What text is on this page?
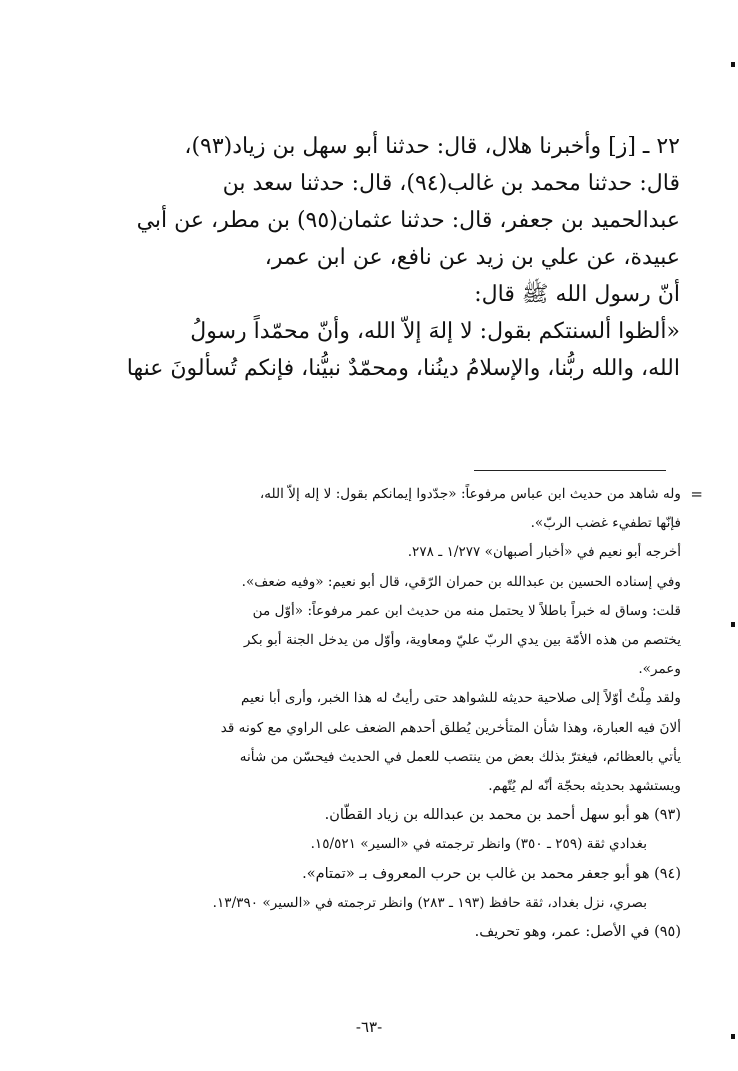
٢٢ ـ [ز] وأخبرنا هلال، قال: حدثنا أبو سهل بن زياد(٩٣)،

قال: حدثنا محمد بن غالب(٩٤)، قال: حدثنا سعد بن

عبدالحميد بن جعفر، قال: حدثنا عثمان(٩٥) بن مطر، عن أبي

عبيدة، عن علي بن زيد عن نافع، عن ابن عمر،

أنّ رسول الله ﷺ قال:

«ألظوا ألسنتكم بقول: لا إلهَ إلاّ الله، وأنّ محمّداً رسولُ

الله، والله ربُّنا، والإسلامُ دينُنا، ومحمّدٌ نبيُّنا، فإنكم تُسألونَ عنها

=

وله شاهد من حديث ابن عباس مرفوعاً: «جدّدوا إيمانكم بقول: لا إله إلاّ الله،

فإنّها تطفيء غضب الربّ».

أخرجه أبو نعيم في «أخبار أصبهان» ١/٢٧٧ ـ ٢٧٨.

وفي إسناده الحسين بن عبدالله بن حمران الرّقي، قال أبو نعيم: «وفيه ضعف».

قلت: وساق له خبراً باطلاً لا يحتمل منه من حديث ابن عمر مرفوعاً: «أوّل من

يختصم من هذه الأمّة بين يدي الربّ عليّ ومعاوية، وأوّل من يدخل الجنة أبو بكر

وعمر».

ولقد مِلْتُ أوّلاً إلى صلاحية حديثه للشواهد حتى رأيتُ له هذا الخبر، وأرى أبا نعيم

ألانَ فيه العبارة، وهذا شأن المتأخرين يُطلق أحدهم الضعف على الراوي مع كونه قد

يأتي بالعظائم، فيغترّ بذلك بعض من ينتصب للعمل في الحديث فيحسّن من شأنه

ويستشهد بحديثه بحجّة أنّه لم يُتّهم.

(٩٣) هو أبو سهل أحمد بن محمد بن عبدالله بن زياد القطّان.

بغدادي ثقة (٢٥٩ ـ ٣٥٠) وانظر ترجمته في «السير» ١٥/٥٢١.

(٩٤) هو أبو جعفر محمد بن غالب بن حرب المعروف بـ «تمتام».

بصري، نزل بغداد، ثقة حافظ (١٩٣ ـ ٢٨٣) وانظر ترجمته في «السير» ١٣/٣٩٠.

(٩٥) في الأصل: عمر، وهو تحريف.

-٦٣-
